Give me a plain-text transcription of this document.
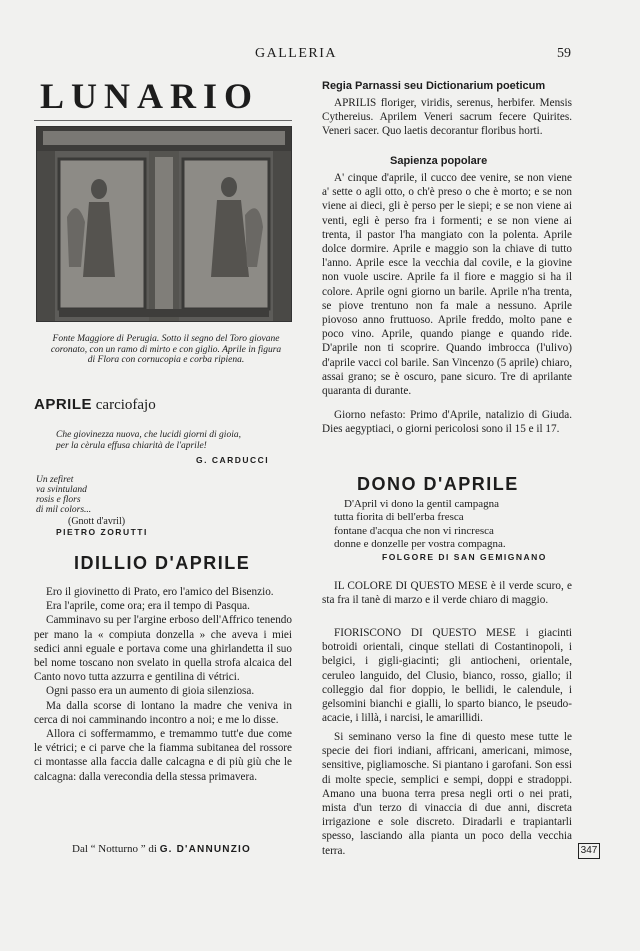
GALLERIA	59
LUNARIO
Fonte Maggiore di Perugia. Sotto il segno del Toro giovane coronato, con un ramo di mirto e con giglio. Aprile in figura di Flora con cornucopia e corba ripiena.
APRILE carciofajo
Che giovinezza nuova, che lucidi giorni di gioia,
per la cèrula effusa chiarità de l'aprile!
G. CARDUCCI
Un zefiret
va svintuland
rosis e flors
di mil colors...
(Gnott d'avril)
PIETRO ZORUTTI
IDILLIO D'APRILE

Ero il giovinetto di Prato, ero l'amico del Bisenzio.

Era l'aprile, come ora; era il tempo di Pasqua.

Camminavo su per l'argine erboso dell'Affrico tenendo per mano la « compiuta donzella » che aveva i miei sedici anni eguale e portava come una ghirlandetta il suo bel nome toscano non svelato in quella strofa alcaica del Canto novo tutta azzurra e gentilina di vétrici.

Ogni passo era un aumento di gioia silenziosa.

Ma dalla scorse di lontano la madre che veniva in cerca di noi camminando incontro a noi; e me lo disse.

Allora ci soffermammo, e tremammo tutt'e due come le vétrici; e ci parve che la fiamma subitanea del rossore ci montasse alla faccia dalle calcagna e di più giù che le calcagna: dalla verecondia della stessa primavera.

Dal “ Notturno ” di G. D'ANNUNZIO
Regia Parnassi seu Dictionarium poeticum

APRILIS floriger, viridis, serenus, herbifer. Mensis Cythereius. Aprilem Veneri sacrum fecere Quirites. Veneri sacer. Quo laetis decorantur floribus horti.

Sapienza popolare

A' cinque d'aprile, il cucco dee venire, se non viene a' sette o agli otto, o ch'è preso o che è morto; e se non viene ai dieci, gli è perso per le siepi; e se non viene ai venti, egli è perso fra i formenti; e se non viene ai trenta, il pastor l'ha mangiato con la polenta. Aprile dolce dormire. Aprile e maggio son la chiave di tutto l'anno. Aprile esce la vecchia dal covile, e la giovine non vuole uscire. Aprile fa il fiore e maggio si ha il colore. Aprile ogni giorno un barile. Aprile n'ha trenta, se piove trentuno non fa male a nessuno. Aprile piovoso anno fruttuoso. Aprile freddo, molto pane e poco vino. Aprile, quando piange e quando ride. D'aprile non ti scoprire. Quando imbrocca (l'ulivo) d'aprile vacci col barile. San Vincenzo (5 aprile) chiaro, assai grano; se è oscuro, pane sicuro. Tre di aprilante quaranta di durante.

Giorno nefasto: Primo d'Aprile, natalizio di Giuda. Dies aegyptiaci, o giorni pericolosi sono il 15 e il 17.

DONO D'APRILE
D'April vi dono la gentil campagna
tutta fiorita di bell'erba fresca
fontane d'acqua che non vi rincresca
donne e donzelle per vostra compagna.
FOLGORE DI SAN GEMIGNANO

IL COLORE DI QUESTO MESE è il verde scuro, e sta fra il tanè di marzo e il verde chiaro di maggio.

FIORISCONO DI QUESTO MESE i giacinti botroidi orientali, cinque stellati di Costantinopoli, i belgici, i gigli-giacinti; gli antiocheni, orientale, ceruleo languido, del Clusio, bianco, rosso, giallo; il colleggio dal fior doppio, le bellidi, le calendule, i gelsomini bianchi e gialli, lo sparto bianco, le pseudo-acacie, i lillà, i narcisi, le amarillidi.

Si seminano verso la fine di questo mese tutte le specie dei fiori indiani, affricani, americani, mimose, sensitive, pigliamosche. Si piantano i garofani. Son essi di molte specie, semplici e sempi, doppi e stradoppi. Amano una buona terra presa negli orti o nei prati, mista d'un terzo di vinaccia di due anni, discreta irrigazione e sole discreto. Diradarli e trapiantarli spesso, lasciando alla pianta un poco della vecchia terra.	347
